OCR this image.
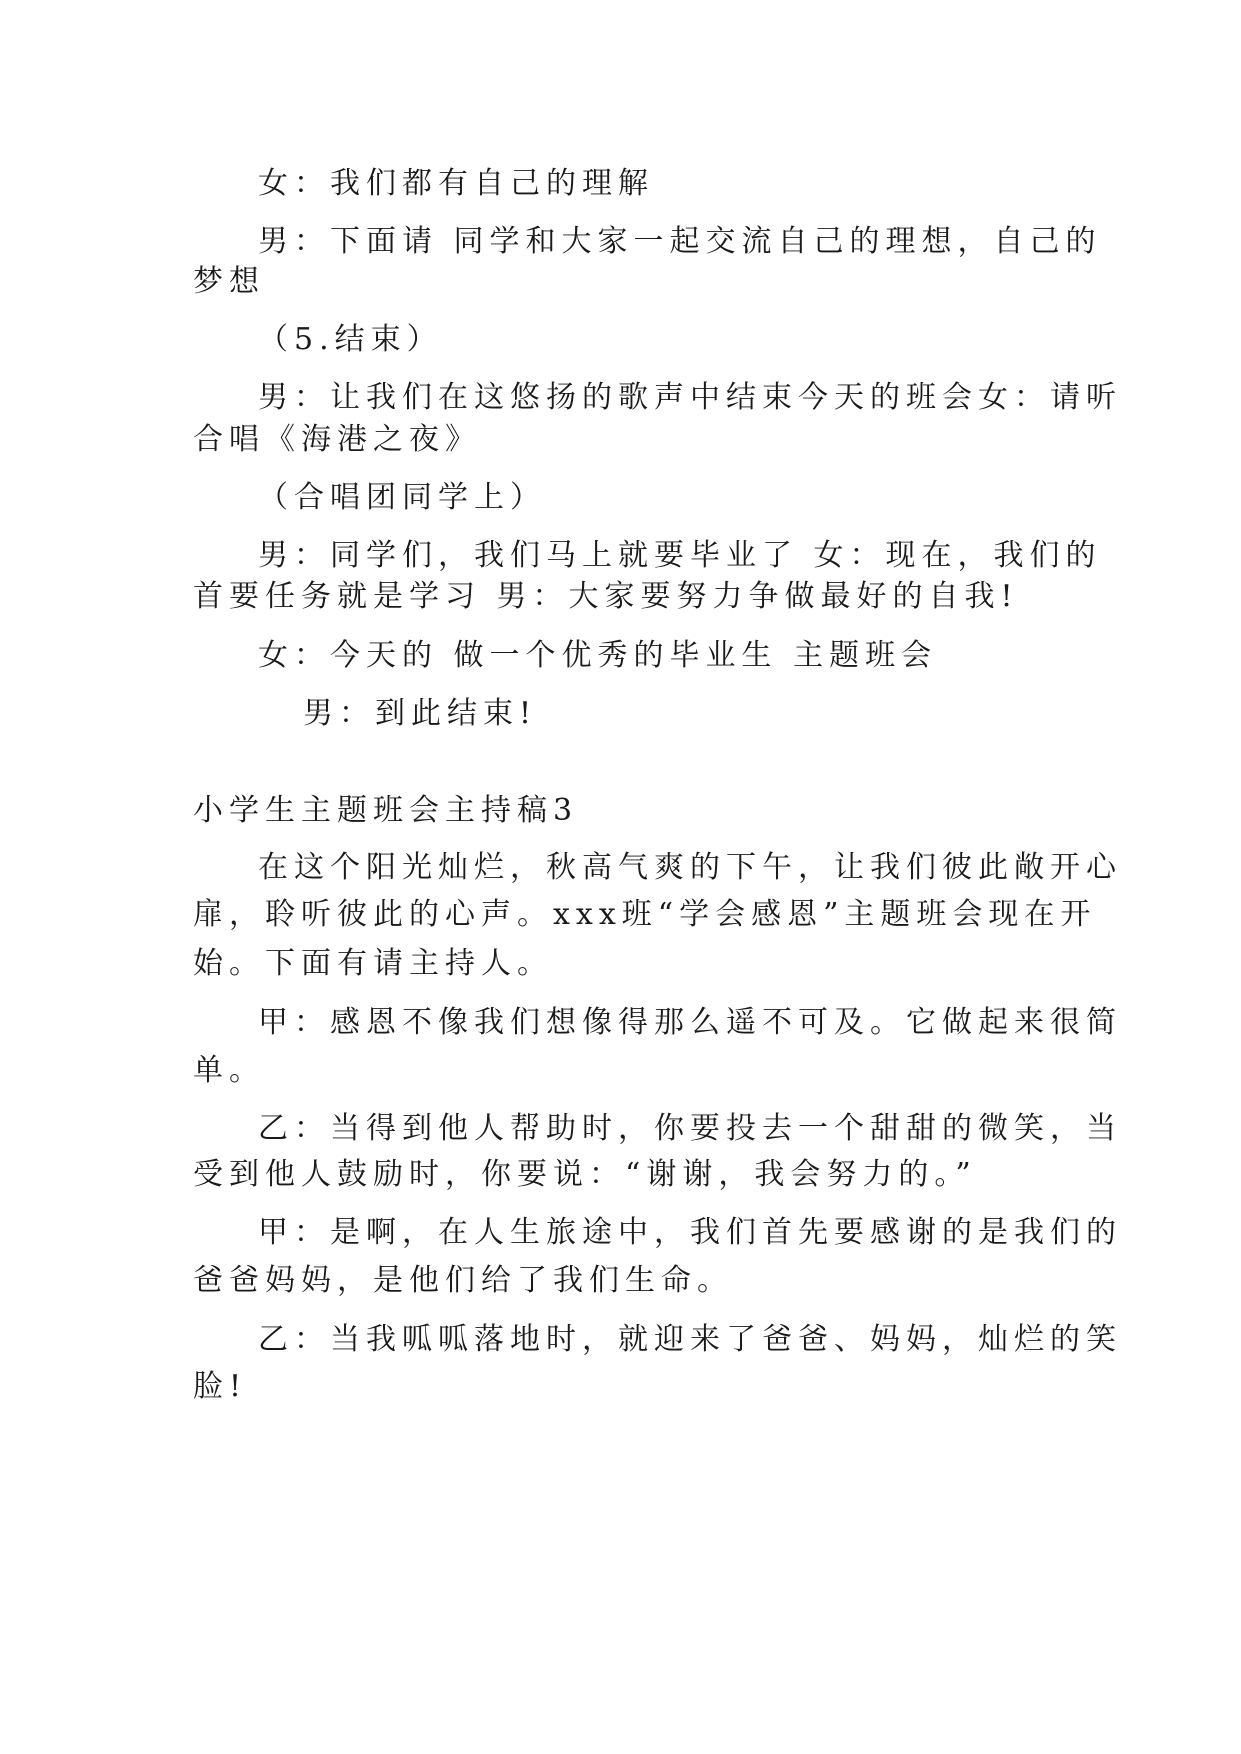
女：我们都有自己的理解
男：下面请 同学和大家一起交流自己的理想，自己的
梦想
（5.结束）
男：让我们在这悠扬的歌声中结束今天的班会女：请听
合唱《海港之夜》
（合唱团同学上）
男：同学们，我们马上就要毕业了 女：现在，我们的
首要任务就是学习 男：大家要努力争做最好的自我!
女：今天的 做一个优秀的毕业生 主题班会
男：到此结束!
小学生主题班会主持稿3
在这个阳光灿烂，秋高气爽的下午，让我们彼此敞开心
扉，聆听彼此的心声。xxx班“学会感恩”主题班会现在开
始。下面有请主持人。
甲：感恩不像我们想像得那么遥不可及。它做起来很简
单。
乙：当得到他人帮助时，你要投去一个甜甜的微笑，当
受到他人鼓励时，你要说：“谢谢，我会努力的。”
甲：是啊，在人生旅途中，我们首先要感谢的是我们的
爸爸妈妈，是他们给了我们生命。
乙：当我呱呱落地时，就迎来了爸爸、妈妈，灿烂的笑
脸!
